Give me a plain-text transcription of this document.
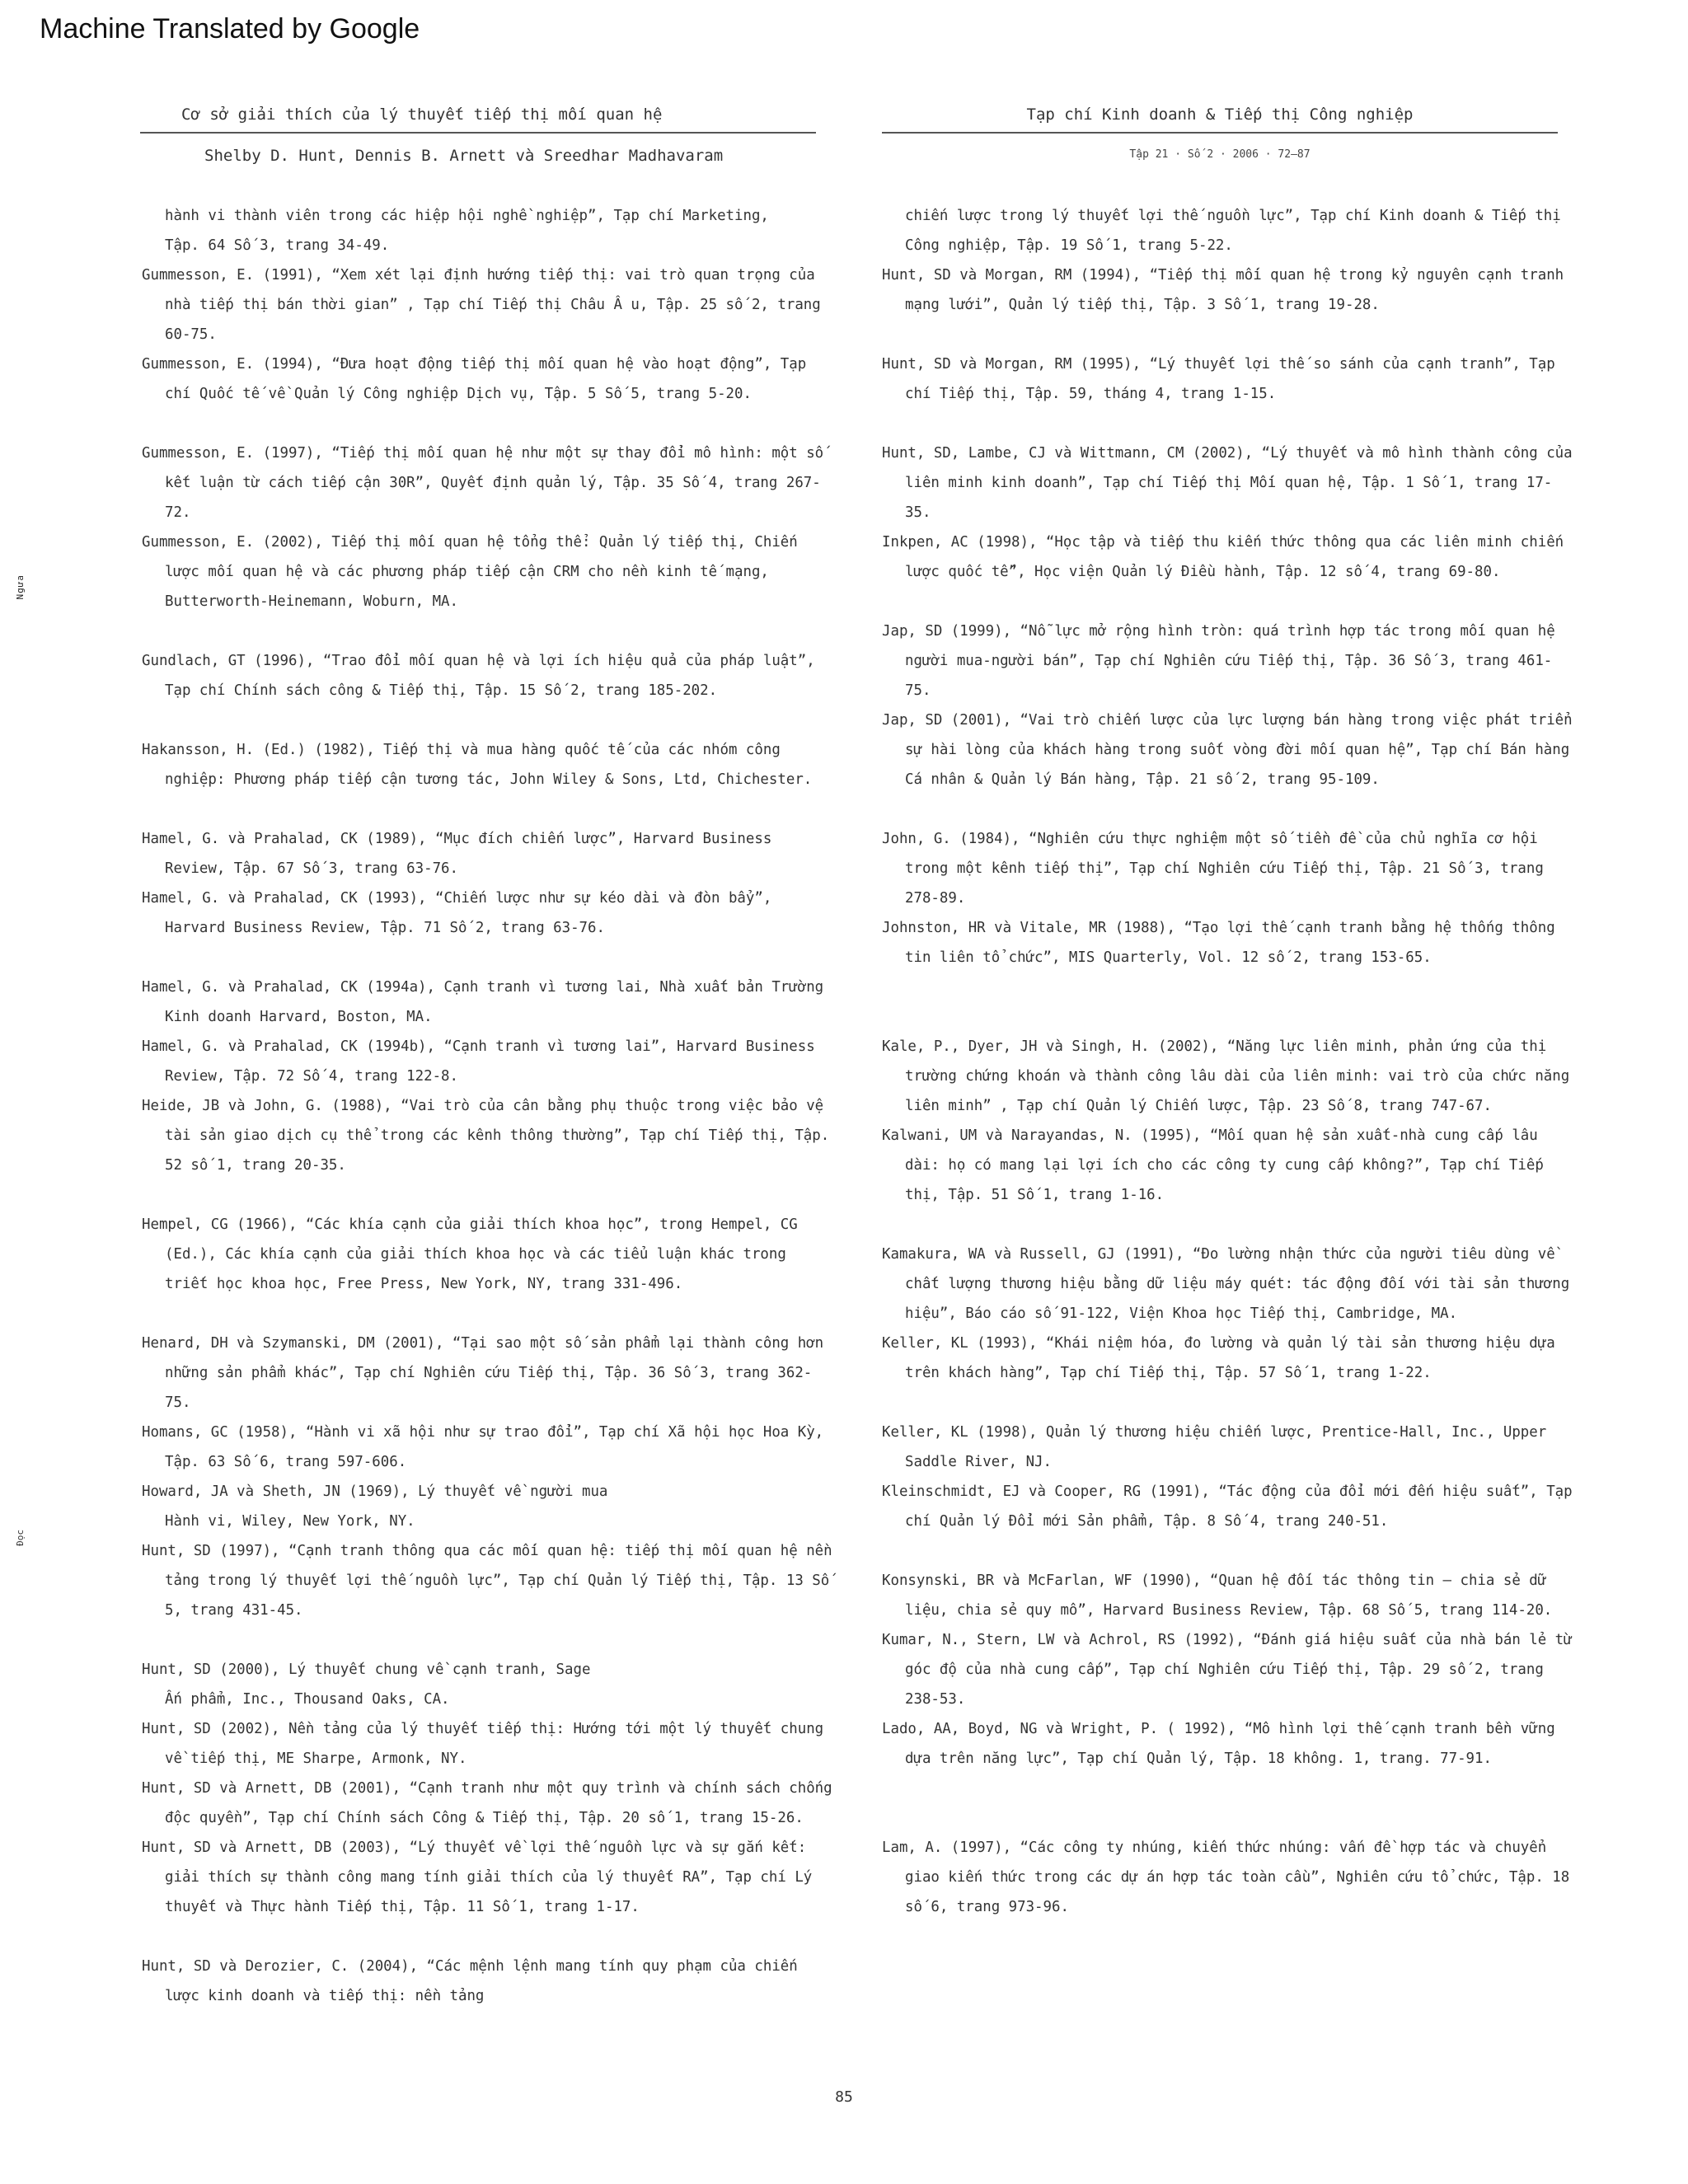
Machine Translated by Google
Cơ sở giải thích của lý thuyết tiếp thị mối quan hệ
Shelby D. Hunt, Dennis B. Arnett và Sreedhar Madhavaram
Tạp chí Kinh doanh & Tiếp thị Công nghiệp
Tập 21 · Số 2 · 2006 · 72–87
Ngưa
Đọc
hành vi thành viên trong các hiệp hội nghề nghiệp”, Tạp chí Marketing,
Tập. 64 Số 3, trang 34-49.
Gummesson, E. (1991), “Xem xét lại định hướng tiếp thị: vai trò quan trọng của nhà tiếp thị bán thời gian” , Tạp chí Tiếp thị Châu Â u, Tập. 25 số 2, trang 60-75.
Gummesson, E. (1994), “Đưa hoạt động tiếp thị mối quan hệ vào hoạt động”, Tạp chí Quốc tế về Quản lý Công nghiệp Dịch vụ, Tập. 5 Số 5, trang 5-20.
Gummesson, E. (1997), “Tiếp thị mối quan hệ như một sự thay đổi mô hình: một số kết luận từ cách tiếp cận 30R”, Quyết định quản lý, Tập. 35 Số 4, trang 267-72.
Gummesson, E. (2002), Tiếp thị mối quan hệ tổng thể: Quản lý tiếp thị, Chiến lược mối quan hệ và các phương pháp tiếp cận CRM cho nền kinh tế mạng, Butterworth-Heinemann, Woburn, MA.
Gundlach, GT (1996), “Trao đổi mối quan hệ và lợi ích hiệu quả của pháp luật”, Tạp chí Chính sách công & Tiếp thị, Tập. 15 Số 2, trang 185-202.
Hakansson, H. (Ed.) (1982), Tiếp thị và mua hàng quốc tế của các nhóm công nghiệp: Phương pháp tiếp cận tương tác, John Wiley & Sons, Ltd, Chichester.
Hamel, G. và Prahalad, CK (1989), “Mục đích chiến lược”, Harvard Business Review, Tập. 67 Số 3, trang 63-76.
Hamel, G. và Prahalad, CK (1993), “Chiến lược như sự kéo dài và đòn bẩy”, Harvard Business Review, Tập. 71 Số 2, trang 63-76.
Hamel, G. và Prahalad, CK (1994a), Cạnh tranh vì tương lai, Nhà xuất bản Trường Kinh doanh Harvard, Boston, MA.
Hamel, G. và Prahalad, CK (1994b), “Cạnh tranh vì tương lai”, Harvard Business Review, Tập. 72 Số 4, trang 122-8.
Heide, JB và John, G. (1988), “Vai trò của cân bằng phụ thuộc trong việc bảo vệ tài sản giao dịch cụ thể trong các kênh thông thường”, Tạp chí Tiếp thị, Tập. 52 số 1, trang 20-35.
Hempel, CG (1966), “Các khía cạnh của giải thích khoa học”, trong Hempel, CG (Ed.), Các khía cạnh của giải thích khoa học và các tiểu luận khác trong triết học khoa học, Free Press, New York, NY, trang 331-496.
Henard, DH và Szymanski, DM (2001), “Tại sao một số sản phẩm lại thành công hơn những sản phẩm khác”, Tạp chí Nghiên cứu Tiếp thị, Tập. 36 Số 3, trang 362-75.
Homans, GC (1958), “Hành vi xã hội như sự trao đổi”, Tạp chí Xã hội học Hoa Kỳ, Tập. 63 Số 6, trang 597-606.
Howard, JA và Sheth, JN (1969), Lý thuyết về người mua
Hành vi, Wiley, New York, NY.
Hunt, SD (1997), “Cạnh tranh thông qua các mối quan hệ: tiếp thị mối quan hệ nền tảng trong lý thuyết lợi thế nguồn lực”, Tạp chí Quản lý Tiếp thị, Tập. 13 Số 5, trang 431-45.
Hunt, SD (2000), Lý thuyết chung về cạnh tranh, Sage
Ấn phẩm, Inc., Thousand Oaks, CA.
Hunt, SD (2002), Nền tảng của lý thuyết tiếp thị: Hướng tới một lý thuyết chung về tiếp thị, ME Sharpe, Armonk, NY.
Hunt, SD và Arnett, DB (2001), “Cạnh tranh như một quy trình và chính sách chống độc quyền”, Tạp chí Chính sách Công & Tiếp thị, Tập. 20 số 1, trang 15-26.
Hunt, SD và Arnett, DB (2003), “Lý thuyết về lợi thế nguồn lực và sự gắn kết: giải thích sự thành công mang tính giải thích của lý thuyết RA”, Tạp chí Lý thuyết và Thực hành Tiếp thị, Tập. 11 Số 1, trang 1-17.
Hunt, SD và Derozier, C. (2004), “Các mệnh lệnh mang tính quy phạm của chiến lược kinh doanh và tiếp thị: nền tảng
chiến lược trong lý thuyết lợi thế nguồn lực”, Tạp chí Kinh doanh & Tiếp thị Công nghiệp, Tập. 19 Số 1, trang 5-22.
Hunt, SD và Morgan, RM (1994), “Tiếp thị mối quan hệ trong kỷ nguyên cạnh tranh mạng lưới”, Quản lý tiếp thị, Tập. 3 Số 1, trang 19-28.
Hunt, SD và Morgan, RM (1995), “Lý thuyết lợi thế so sánh của cạnh tranh”, Tạp chí Tiếp thị, Tập. 59, tháng 4, trang 1-15.
Hunt, SD, Lambe, CJ và Wittmann, CM (2002), “Lý thuyết và mô hình thành công của liên minh kinh doanh”, Tạp chí Tiếp thị Mối quan hệ, Tập. 1 Số 1, trang 17-35.
Inkpen, AC (1998), “Học tập và tiếp thu kiến thức thông qua các liên minh chiến lược quốc tế”, Học viện Quản lý Điều hành, Tập. 12 số 4, trang 69-80.
Jap, SD (1999), “Nỗ lực mở rộng hình tròn: quá trình hợp tác trong mối quan hệ người mua-người bán”, Tạp chí Nghiên cứu Tiếp thị, Tập. 36 Số 3, trang 461-75.
Jap, SD (2001), “Vai trò chiến lược của lực lượng bán hàng trong việc phát triển sự hài lòng của khách hàng trong suốt vòng đời mối quan hệ”, Tạp chí Bán hàng Cá nhân & Quản lý Bán hàng, Tập. 21 số 2, trang 95-109.
John, G. (1984), “Nghiên cứu thực nghiệm một số tiền đề của chủ nghĩa cơ hội trong một kênh tiếp thị”, Tạp chí Nghiên cứu Tiếp thị, Tập. 21 Số 3, trang 278-89.
Johnston, HR và Vitale, MR (1988), “Tạo lợi thế cạnh tranh bằng hệ thống thông tin liên tổ chức”, MIS Quarterly, Vol. 12 số 2, trang 153-65.
Kale, P., Dyer, JH và Singh, H. (2002), “Năng lực liên minh, phản ứng của thị trường chứng khoán và thành công lâu dài của liên minh: vai trò của chức năng liên minh” , Tạp chí Quản lý Chiến lược, Tập. 23 Số 8, trang 747-67.
Kalwani, UM và Narayandas, N. (1995), “Mối quan hệ sản xuất-nhà cung cấp lâu dài: họ có mang lại lợi ích cho các công ty cung cấp không?”, Tạp chí Tiếp thị, Tập. 51 Số 1, trang 1-16.
Kamakura, WA và Russell, GJ (1991), “Đo lường nhận thức của người tiêu dùng về chất lượng thương hiệu bằng dữ liệu máy quét: tác động đối với tài sản thương hiệu”, Báo cáo số 91-122, Viện Khoa học Tiếp thị, Cambridge, MA.
Keller, KL (1993), “Khái niệm hóa, đo lường và quản lý tài sản thương hiệu dựa trên khách hàng”, Tạp chí Tiếp thị, Tập. 57 Số 1, trang 1-22.
Keller, KL (1998), Quản lý thương hiệu chiến lược, Prentice-Hall, Inc., Upper Saddle River, NJ.
Kleinschmidt, EJ và Cooper, RG (1991), “Tác động của đổi mới đến hiệu suất”, Tạp chí Quản lý Đổi mới Sản phẩm, Tập. 8 Số 4, trang 240-51.
Konsynski, BR và McFarlan, WF (1990), “Quan hệ đối tác thông tin – chia sẻ dữ liệu, chia sẻ quy mô”, Harvard Business Review, Tập. 68 Số 5, trang 114-20.
Kumar, N., Stern, LW và Achrol, RS (1992), “Đánh giá hiệu suất của nhà bán lẻ từ góc độ của nhà cung cấp”, Tạp chí Nghiên cứu Tiếp thị, Tập. 29 số 2, trang 238-53.
Lado, AA, Boyd, NG và Wright, P. ( 1992), “Mô hình lợi thế cạnh tranh bền vững dựa trên năng lực”, Tạp chí Quản lý, Tập. 18 không. 1, trang. 77-91.
Lam, A. (1997), “Các công ty nhúng, kiến thức nhúng: vấn đề hợp tác và chuyển giao kiến thức trong các dự án hợp tác toàn cầu”, Nghiên cứu tổ chức, Tập. 18 số 6, trang 973-96.
85
